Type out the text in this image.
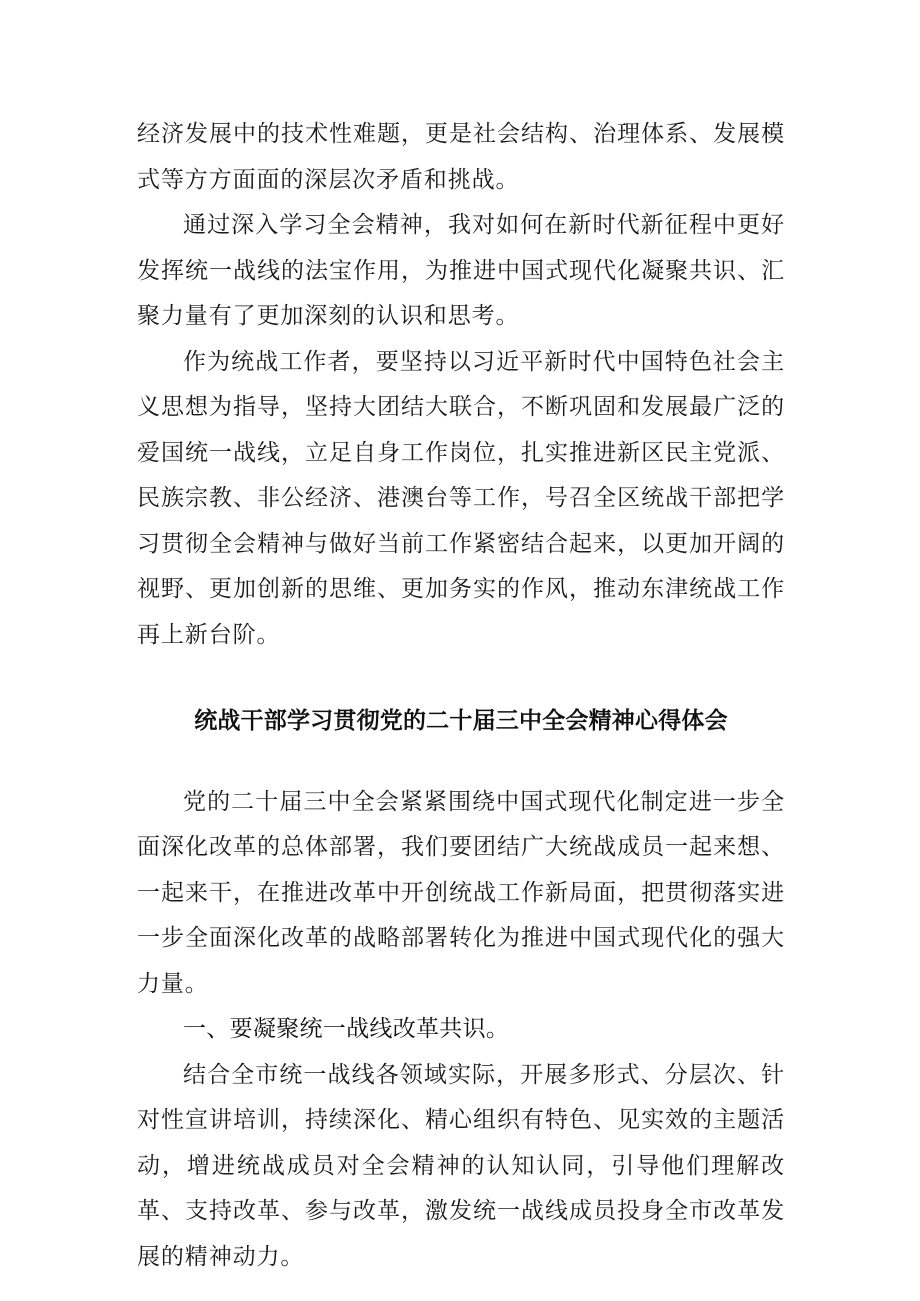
经济发展中的技术性难题，更是社会结构、治理体系、发展模式等方方面面的深层次矛盾和挑战。

通过深入学习全会精神，我对如何在新时代新征程中更好发挥统一战线的法宝作用，为推进中国式现代化凝聚共识、汇聚力量有了更加深刻的认识和思考。

作为统战工作者，要坚持以习近平新时代中国特色社会主义思想为指导，坚持大团结大联合，不断巩固和发展最广泛的爱国统一战线，立足自身工作岗位，扎实推进新区民主党派、民族宗教、非公经济、港澳台等工作，号召全区统战干部把学习贯彻全会精神与做好当前工作紧密结合起来，以更加开阔的视野、更加创新的思维、更加务实的作风，推动东津统战工作再上新台阶。

统战干部学习贯彻党的二十届三中全会精神心得体会

党的二十届三中全会紧紧围绕中国式现代化制定进一步全面深化改革的总体部署，我们要团结广大统战成员一起来想、一起来干，在推进改革中开创统战工作新局面，把贯彻落实进一步全面深化改革的战略部署转化为推进中国式现代化的强大力量。

一、要凝聚统一战线改革共识。

结合全市统一战线各领域实际，开展多形式、分层次、针对性宣讲培训，持续深化、精心组织有特色、见实效的主题活动，增进统战成员对全会精神的认知认同，引导他们理解改革、支持改革、参与改革，激发统一战线成员投身全市改革发展的精神动力。
